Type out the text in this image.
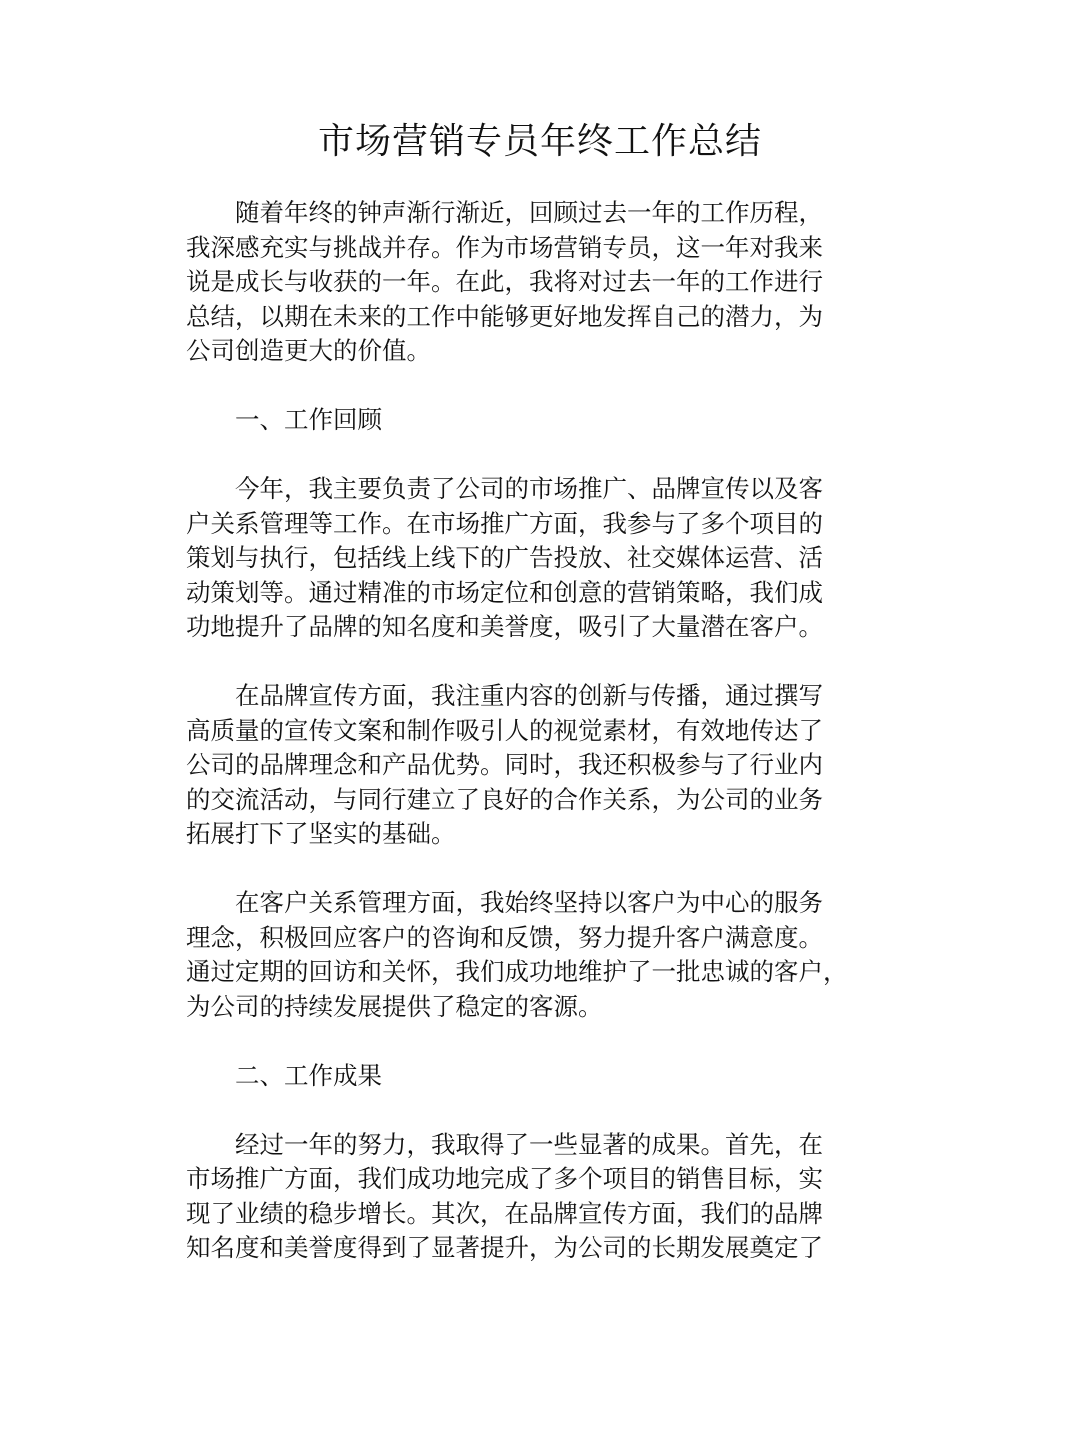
市场营销专员年终工作总结

随着年终的钟声渐行渐近，回顾过去一年的工作历程，
我深感充实与挑战并存。作为市场营销专员，这一年对我来
说是成长与收获的一年。在此，我将对过去一年的工作进行
总结，以期在未来的工作中能够更好地发挥自己的潜力，为
公司创造更大的价值。

一、工作回顾

今年，我主要负责了公司的市场推广、品牌宣传以及客
户关系管理等工作。在市场推广方面，我参与了多个项目的
策划与执行，包括线上线下的广告投放、社交媒体运营、活
动策划等。通过精准的市场定位和创意的营销策略，我们成
功地提升了品牌的知名度和美誉度，吸引了大量潜在客户。

在品牌宣传方面，我注重内容的创新与传播，通过撰写
高质量的宣传文案和制作吸引人的视觉素材，有效地传达了
公司的品牌理念和产品优势。同时，我还积极参与了行业内
的交流活动，与同行建立了良好的合作关系，为公司的业务
拓展打下了坚实的基础。

在客户关系管理方面，我始终坚持以客户为中心的服务
理念，积极回应客户的咨询和反馈，努力提升客户满意度。
通过定期的回访和关怀，我们成功地维护了一批忠诚的客户，
为公司的持续发展提供了稳定的客源。

二、工作成果

经过一年的努力，我取得了一些显著的成果。首先，在
市场推广方面，我们成功地完成了多个项目的销售目标，实
现了业绩的稳步增长。其次，在品牌宣传方面，我们的品牌
知名度和美誉度得到了显著提升，为公司的长期发展奠定了
